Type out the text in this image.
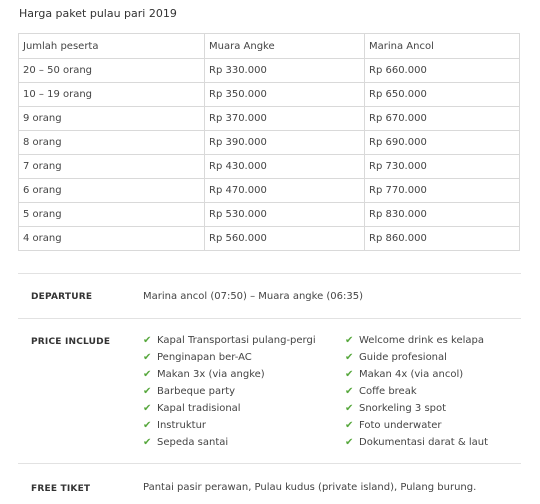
Harga paket pulau pari 2019
Jumlah peserta	Muara Angke	Marina Ancol
20 – 50 orang	Rp 330.000	Rp 660.000
10 – 19 orang	Rp 350.000	Rp 650.000
9 orang	Rp 370.000	Rp 670.000
8 orang	Rp 390.000	Rp 690.000
7 orang	Rp 430.000	Rp 730.000
6 orang	Rp 470.000	Rp 770.000
5 orang	Rp 530.000	Rp 830.000
4 orang	Rp 560.000	Rp 860.000
DEPARTURE	Marina ancol (07:50) – Muara angke (06:35)
PRICE INCLUDE	✔ Kapal Transportasi pulang-pergi
✔ Penginapan ber-AC
✔ Makan 3x (via angke)
✔ Barbeque party
✔ Kapal tradisional
✔ Instruktur
✔ Sepeda santai
✔ Welcome drink es kelapa
✔ Guide profesional
✔ Makan 4x (via ancol)
✔ Coffe break
✔ Snorkeling 3 spot
✔ Foto underwater
✔ Dokumentasi darat & laut
FREE TIKET	Pantai pasir perawan, Pulau kudus (private island), Pulang burung.
